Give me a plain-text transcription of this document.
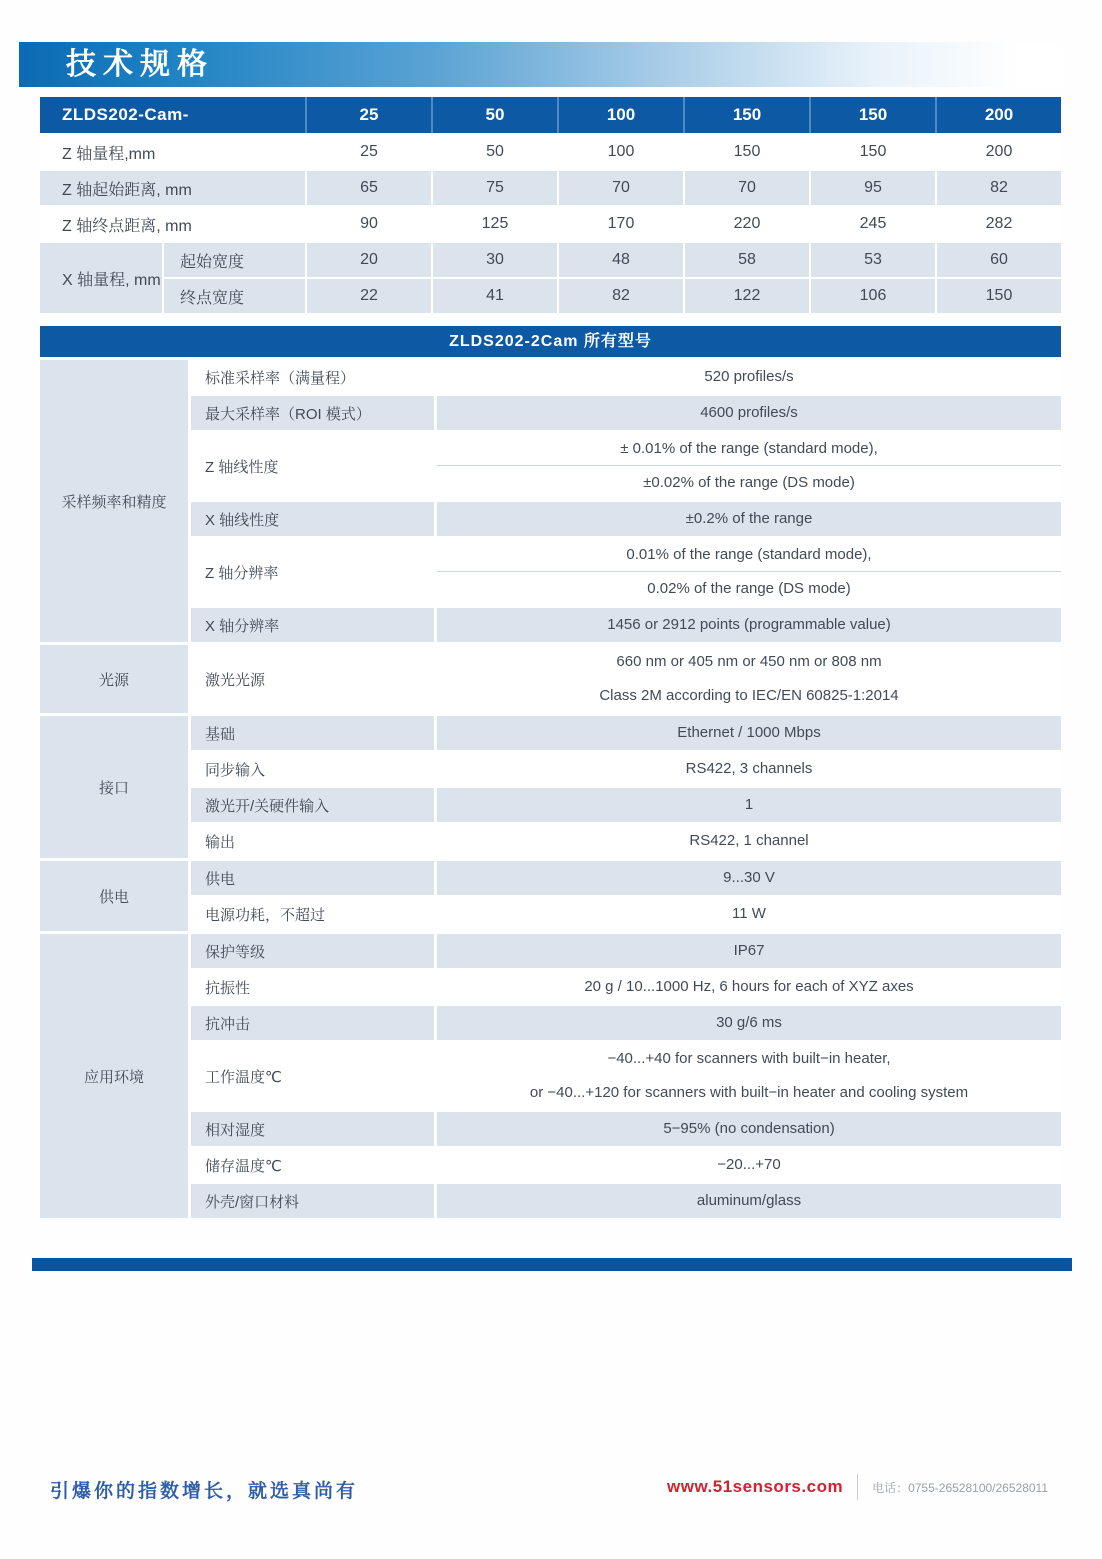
技术规格
ZLDS202-Cam-		25	50	100	150	150	200
Z 轴量程,mm		25	50	100	150	150	200
Z 轴起始距离, mm		65	75	70	70	95	82
Z 轴终点距离, mm		90	125	170	220	245	282
X 轴量程, mm	起始宽度	20	30	48	58	53	60
	终点宽度	22	41	82	122	106	150
ZLDS202-2Cam 所有型号
采样频率和精度	标准采样率（满量程）	520 profiles/s

	最大采样率（ROI 模式）	4600 profiles/s

	Z 轴线性度	± 0.01% of the range (standard mode),
±0.02% of the range (DS mode)

	X 轴线性度	±0.2% of the range

	Z 轴分辨率	0.01% of the range (standard mode),
0.02% of the range (DS mode)

	X 轴分辨率	1456 or 2912 points (programmable value)

光源	激光光源	660 nm or 405 nm or 450 nm or 808 nm
Class 2M according to IEC/EN 60825-1:2014

接口	基础	Ethernet / 1000 Mbps

	同步输入	RS422, 3 channels

	激光开/关硬件输入	1

	输出	RS422, 1 channel

供电	供电	9...30 V

	电源功耗，不超过	11 W

应用环境	保护等级	IP67

	抗振性	20 g / 10...1000 Hz, 6 hours for each of XYZ axes

	抗冲击	30 g/6 ms

	工作温度℃	−40...+40 for scanners with built−in heater,
or −40...+120 for scanners with built−in heater and cooling system

	相对湿度	5−95% (no condensation)

	储存温度℃	−20...+70

	外壳/窗口材料	aluminum/glass
引爆你的指数增长，就选真尚有	www.51sensors.com 电话：0755-26528100/26528011
